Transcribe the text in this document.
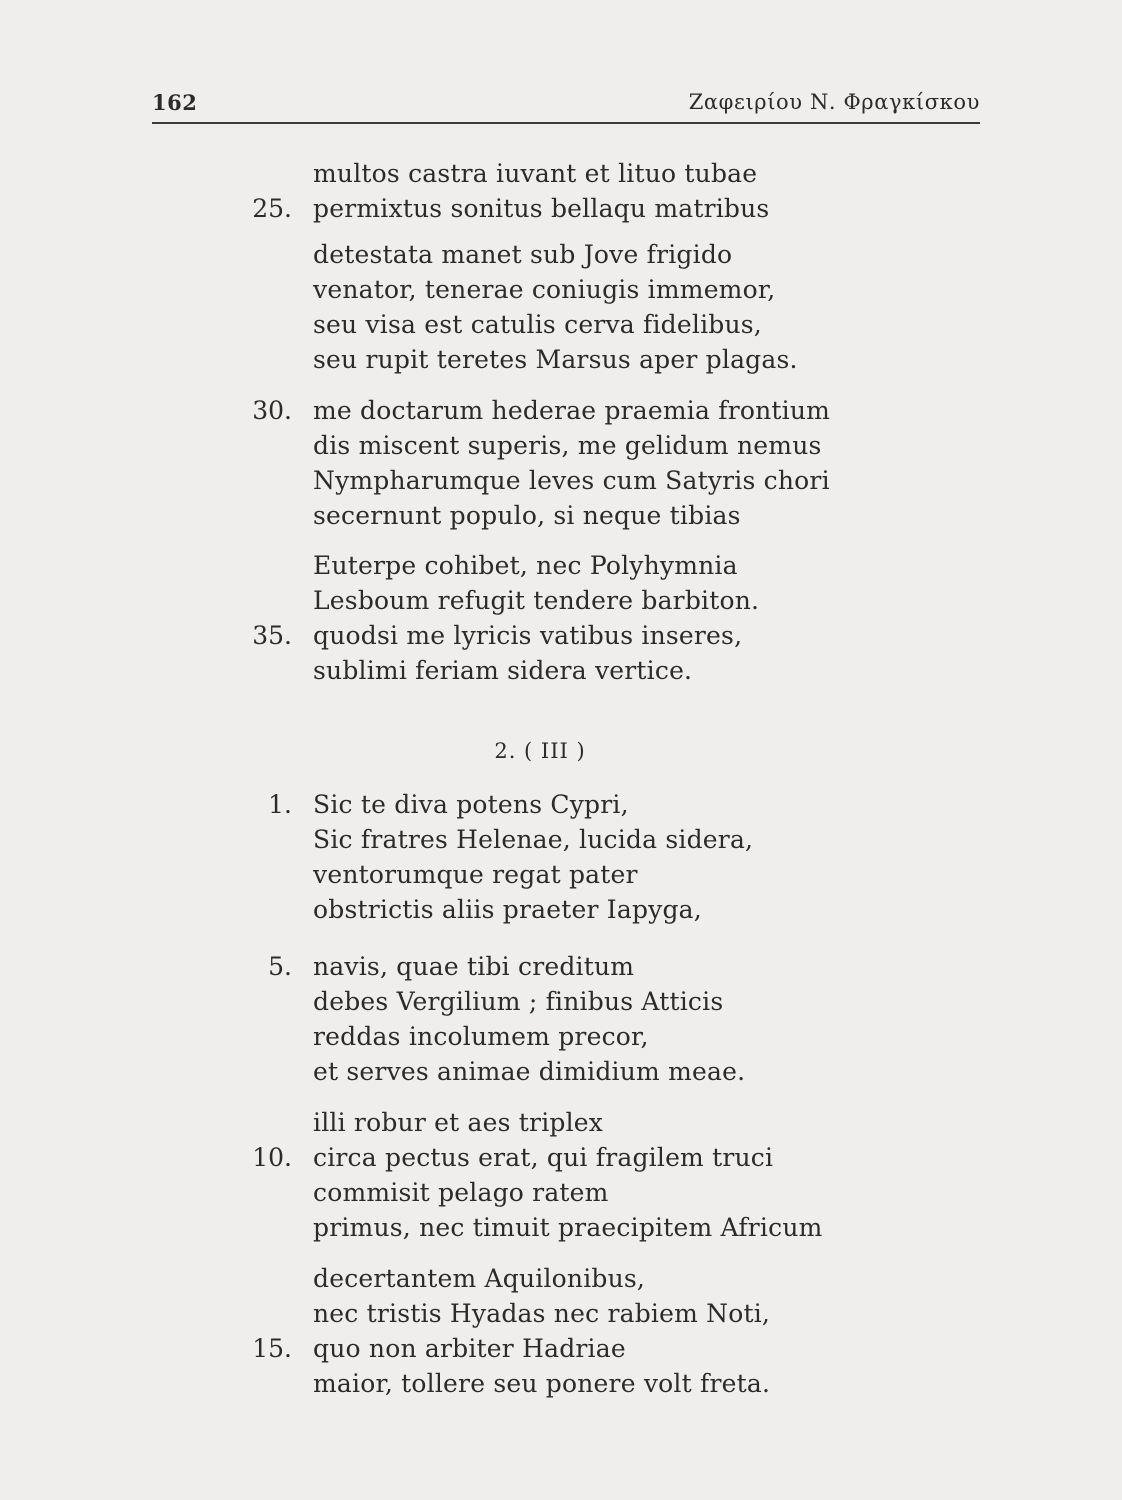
162	Ζαφειρίου Ν. Φραγκίσκου
multos castra iuvant et lituo tubae
25. permixtus sonitus bellaqu matribus
detestata manet sub Jove frigido
venator, tenerae coniugis immemor,
seu visa est catulis cerva fidelibus,
seu rupit teretes Marsus aper plagas.
30. me doctarum hederae praemia frontium
dis miscent superis, me gelidum nemus
Nympharumque leves cum Satyris chori
secernunt populo, si neque tibias
Euterpe cohibet, nec Polyhymnia
Lesboum refugit tendere barbiton.
35. quodsi me lyricis vatibus inseres,
sublimi feriam sidera vertice.
2. ( III )
1. Sic te diva potens Cypri,
Sic fratres Helenae, lucida sidera,
ventorumque regat pater
obstrictis aliis praeter Iapyga,
5. navis, quae tibi creditum
debes Vergilium ; finibus Atticis
reddas incolumem precor,
et serves animae dimidium meae.
illi robur et aes triplex
10. circa pectus erat, qui fragilem truci
commisit pelago ratem
primus, nec timuit praecipitem Africum
decertantem Aquilonibus,
nec tristis Hyadas nec rabiem Noti,
15. quo non arbiter Hadriae
maior, tollere seu ponere volt freta.
